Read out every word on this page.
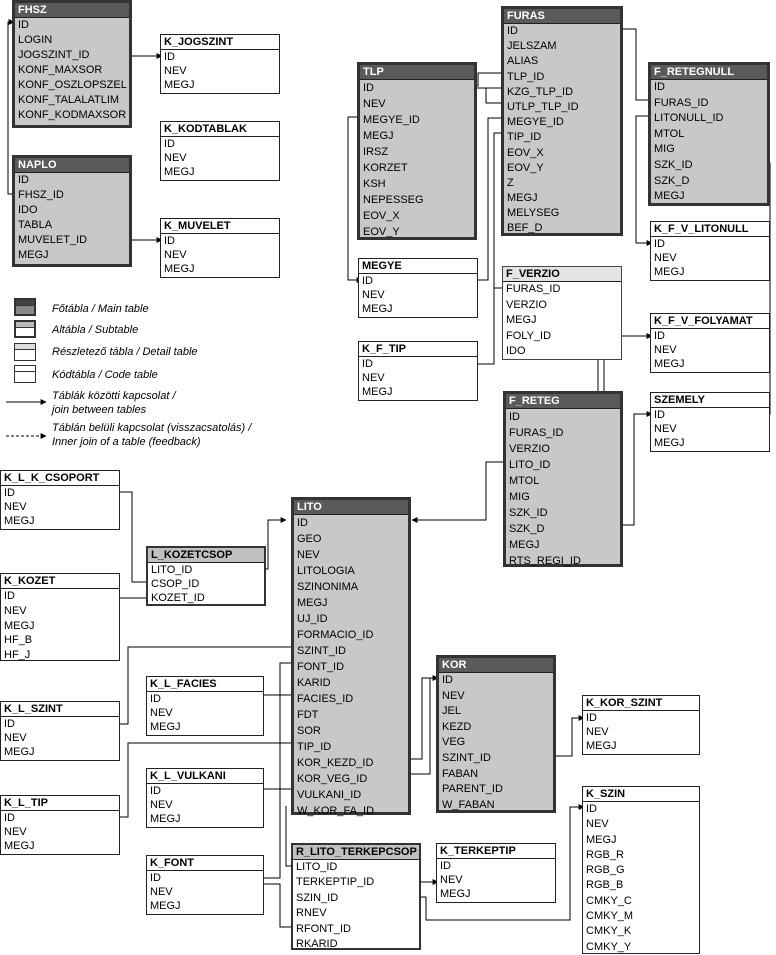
FHSZ
ID
LOGIN
JOGSZINT_ID
KONF_MAXSOR
KONF_OSZLOPSZEL
KONF_TALALATLIM
KONF_KODMAXSOR
K_JOGSZINT
ID
NEV
MEGJ
K_KODTABLAK
ID
NEV
MEGJ
NAPLO
ID
FHSZ_ID
IDO
TABLA
MUVELET_ID
MEGJ
K_MUVELET
ID
NEV
MEGJ
TLP
ID
NEV
MEGYE_ID
MEGJ
IRSZ
KORZET
KSH
NEPESSEG
EOV_X
EOV_Y
FURAS
ID
JELSZAM
ALIAS
TLP_ID
KZG_TLP_ID
UTLP_TLP_ID
MEGYE_ID
TIP_ID
EOV_X
EOV_Y
Z
MEGJ
MELYSEG
BEF_D
F_RETEGNULL
ID
FURAS_ID
LITONULL_ID
MTOL
MIG
SZK_ID
SZK_D
MEGJ
K_F_V_LITONULL
ID
NEV
MEGJ
MEGYE
ID
NEV
MEGJ
F_VERZIO
FURAS_ID
VERZIO
MEGJ
FOLY_ID
IDO
K_F_V_FOLYAMAT
ID
NEV
MEGJ
K_F_TIP
ID
NEV
MEGJ
F_RETEG
ID
FURAS_ID
VERZIO
LITO_ID
MTOL
MIG
SZK_ID
SZK_D
MEGJ
RTS_REGI_ID
SZEMELY
ID
NEV
MEGJ
K_L_K_CSOPORT
ID
NEV
MEGJ
L_KOZETCSOP
LITO_ID
CSOP_ID
KOZET_ID
K_KOZET
ID
NEV
MEGJ
HF_B
HF_J
LITO
ID
GEO
NEV
LITOLOGIA
SZINONIMA
MEGJ
UJ_ID
FORMACIO_ID
SZINT_ID
FONT_ID
KARID
FACIES_ID
FDT
SOR
TIP_ID
KOR_KEZD_ID
KOR_VEG_ID
VULKANI_ID
W_KOR_FA_ID
K_L_FACIES
ID
NEV
MEGJ
KOR
ID
NEV
JEL
KEZD
VEG
SZINT_ID
FABAN
PARENT_ID
W_FABAN
K_KOR_SZINT
ID
NEV
MEGJ
K_L_SZINT
ID
NEV
MEGJ
K_L_VULKANI
ID
NEV
MEGJ
K_L_TIP
ID
NEV
MEGJ
K_SZIN
ID
NEV
MEGJ
RGB_R
RGB_G
RGB_B
CMKY_C
CMKY_M
CMKY_K
CMKY_Y
K_FONT
ID
NEV
MEGJ
R_LITO_TERKEPCSOP
LITO_ID
TERKEPTIP_ID
SZIN_ID
RNEV
RFONT_ID
RKARID
K_TERKEPTIP
ID
NEV
MEGJ
Főtábla / Main table
Altábla / Subtable
Részletező tábla / Detail table
Kódtábla / Code table
Táblák közötti kapcsolat /
join between tables
Táblán belüli kapcsolat (visszacsatolás) /
Inner join of a table (feedback)
